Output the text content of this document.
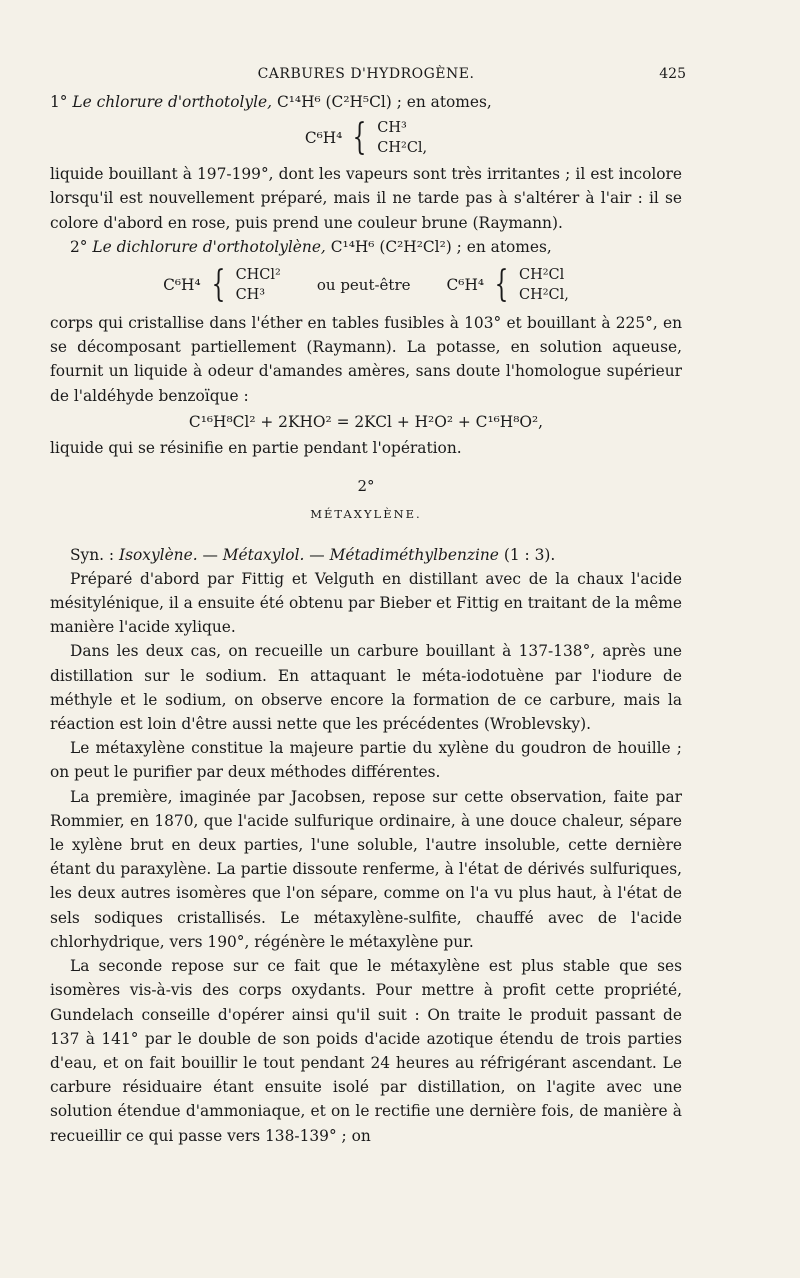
CARBURES D'HYDROGÈNE.	425

1° Le chlorure d'orthotolyle, C¹⁴H⁶ (C²H⁵Cl) ; en atomes,

C⁶H⁴ { CH³
CH²Cl,

liquide bouillant à 197-199°, dont les vapeurs sont très irritantes ; il est incolore lorsqu'il est nouvellement préparé, mais il ne tarde pas à s'altérer à l'air : il se colore d'abord en rose, puis prend une couleur brune (Raymann).

2° Le dichlorure d'orthotolylène, C¹⁴H⁶ (C²H²Cl²) ; en atomes,

C⁶H⁴ { CHCl²
CH³
ou peut-être C⁶H⁴ { CH²Cl
CH²Cl,

corps qui cristallise dans l'éther en tables fusibles à 103° et bouillant à 225°, en se décomposant partiellement (Raymann). La potasse, en solution aqueuse, fournit un liquide à odeur d'amandes amères, sans doute l'homologue supérieur de l'aldéhyde benzoïque :

C¹⁶H⁸Cl² + 2KHO² = 2KCl + H²O² + C¹⁶H⁸O²,

liquide qui se résinifie en partie pendant l'opération.

2°
MÉTAXYLÈNE.

Syn. : Isoxylène. — Métaxylol. — Métadiméthylbenzine (1 : 3).

Préparé d'abord par Fittig et Velguth en distillant avec de la chaux l'acide mésitylénique, il a ensuite été obtenu par Bieber et Fittig en traitant de la même manière l'acide xylique.

Dans les deux cas, on recueille un carbure bouillant à 137-138°, après une distillation sur le sodium. En attaquant le méta-iodotuène par l'iodure de méthyle et le sodium, on observe encore la formation de ce carbure, mais la réaction est loin d'être aussi nette que les précédentes (Wroblevsky).

Le métaxylène constitue la majeure partie du xylène du goudron de houille ; on peut le purifier par deux méthodes différentes.

La première, imaginée par Jacobsen, repose sur cette observation, faite par Rommier, en 1870, que l'acide sulfurique ordinaire, à une douce chaleur, sépare le xylène brut en deux parties, l'une soluble, l'autre insoluble, cette dernière étant du paraxylène. La partie dissoute renferme, à l'état de dérivés sulfuriques, les deux autres isomères que l'on sépare, comme on l'a vu plus haut, à l'état de sels sodiques cristallisés. Le métaxylène-sulfite, chauffé avec de l'acide chlorhydrique, vers 190°, régénère le métaxylène pur.

La seconde repose sur ce fait que le métaxylène est plus stable que ses isomères vis-à-vis des corps oxydants. Pour mettre à profit cette propriété, Gundelach conseille d'opérer ainsi qu'il suit : On traite le produit passant de 137 à 141° par le double de son poids d'acide azotique étendu de trois parties d'eau, et on fait bouillir le tout pendant 24 heures au réfrigérant ascendant. Le carbure résiduaire étant ensuite isolé par distillation, on l'agite avec une solution étendue d'ammoniaque, et on le rectifie une dernière fois, de manière à recueillir ce qui passe vers 138-139° ; on
